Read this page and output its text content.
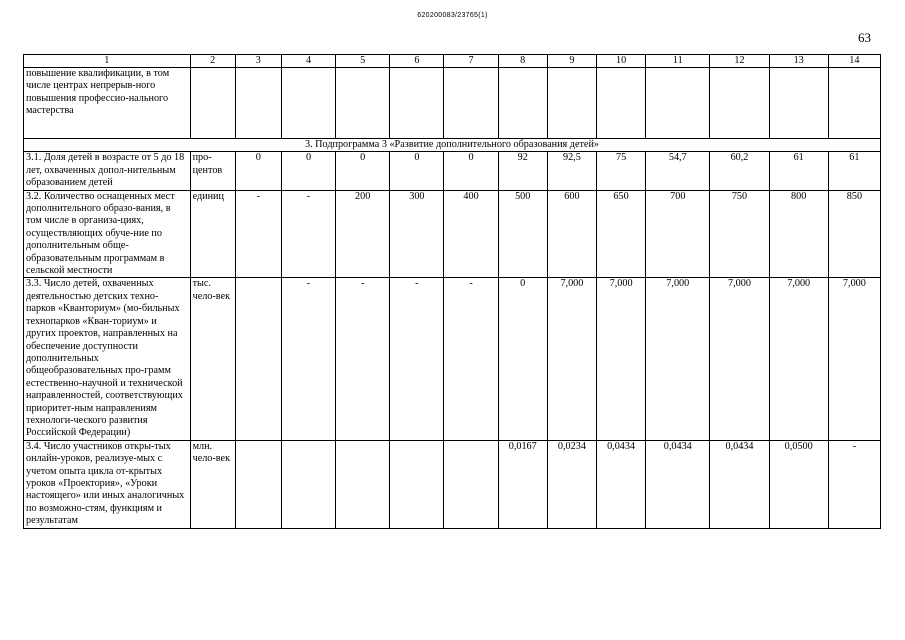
620200083/23765(1)
63
1	2	3	4	5	6	7	8	9	10	11	12	13	14
повышение квалификации, в том числе центрах непрерыв-ного повышения профессио-нального мастерства													
3. Подпрограмма 3 «Развитие дополнительного образования детей»													
3.1. Доля детей в возрасте от 5 до 18 лет, охваченных допол-нительным образованием детей	про-центов	0	0	0	0	0	92	92,5	75	54,7	60,2	61	61
3.2. Количество оснащенных мест дополнительного образо-вания, в том числе в организа-циях, осуществляющих обуче-ние по дополнительным обще-образовательным программам в сельской местности	единиц	-	-	200	300	400	500	600	650	700	750	800	850
3.3. Число детей, охваченных деятельностью детских техно-парков «Кванториум» (мо-бильных технопарков «Кван-ториум» и других проектов, направленных на обеспечение доступности дополнительных общеобразовательных про-грамм естественно-научной и технической направленностей, соответствующих приоритет-ным направлениям технологи-ческого развития Российской Федерации)	тыс. чело-век		-	-	-	-	0	7,000	7,000	7,000	7,000	7,000	7,000
3.4. Число участников откры-тых онлайн-уроков, реализуе-мых с учетом опыта цикла от-крытых уроков «Проектория», «Уроки настоящего» или иных аналогичных по возможно-стям, функциям и результатам	млн. чело-век						0,0167	0,0234	0,0434	0,0434	0,0434	0,0500	-
